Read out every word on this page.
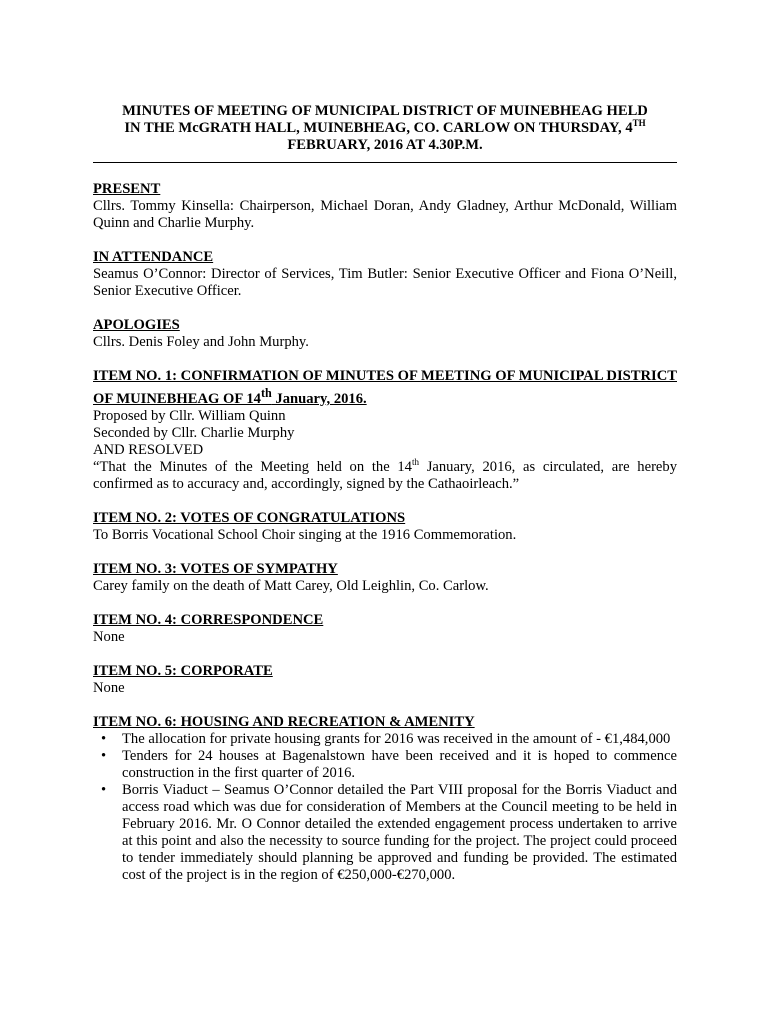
MINUTES OF MEETING OF MUNICIPAL DISTRICT OF MUINEBHEAG HELD
IN THE McGRATH HALL, MUINEBHEAG, CO. CARLOW ON THURSDAY, 4TH
FEBRUARY, 2016 AT 4.30P.M.

PRESENT

Cllrs. Tommy Kinsella: Chairperson, Michael Doran, Andy Gladney, Arthur McDonald, William Quinn and Charlie Murphy.

IN ATTENDANCE

Seamus O’Connor: Director of Services, Tim Butler: Senior Executive Officer and Fiona O’Neill, Senior Executive Officer.

APOLOGIES

Cllrs. Denis Foley and John Murphy.

ITEM NO. 1: CONFIRMATION OF MINUTES OF MEETING OF MUNICIPAL DISTRICT OF MUINEBHEAG OF 14th January, 2016.

Proposed by Cllr. William Quinn

Seconded by Cllr. Charlie Murphy

AND RESOLVED

“That the Minutes of the Meeting held on the 14th January, 2016, as circulated, are hereby confirmed as to accuracy and, accordingly, signed by the Cathaoirleach.”

ITEM NO. 2: VOTES OF CONGRATULATIONS

To Borris Vocational School Choir singing at the 1916 Commemoration.

ITEM NO. 3: VOTES OF SYMPATHY

Carey family on the death of Matt Carey, Old Leighlin, Co. Carlow.

ITEM NO. 4: CORRESPONDENCE

None

ITEM NO. 5: CORPORATE

None

ITEM NO. 6: HOUSING AND RECREATION & AMENITY

• The allocation for private housing grants for 2016 was received in the amount of - €1,484,000
• Tenders for 24 houses at Bagenalstown have been received and it is hoped to commence construction in the first quarter of 2016.
• Borris Viaduct – Seamus O’Connor detailed the Part VIII proposal for the Borris Viaduct and access road which was due for consideration of Members at the Council meeting to be held in February 2016. Mr. O Connor detailed the extended engagement process undertaken to arrive at this point and also the necessity to source funding for the project. The project could proceed to tender immediately should planning be approved and funding be provided. The estimated cost of the project is in the region of €250,000-€270,000.
